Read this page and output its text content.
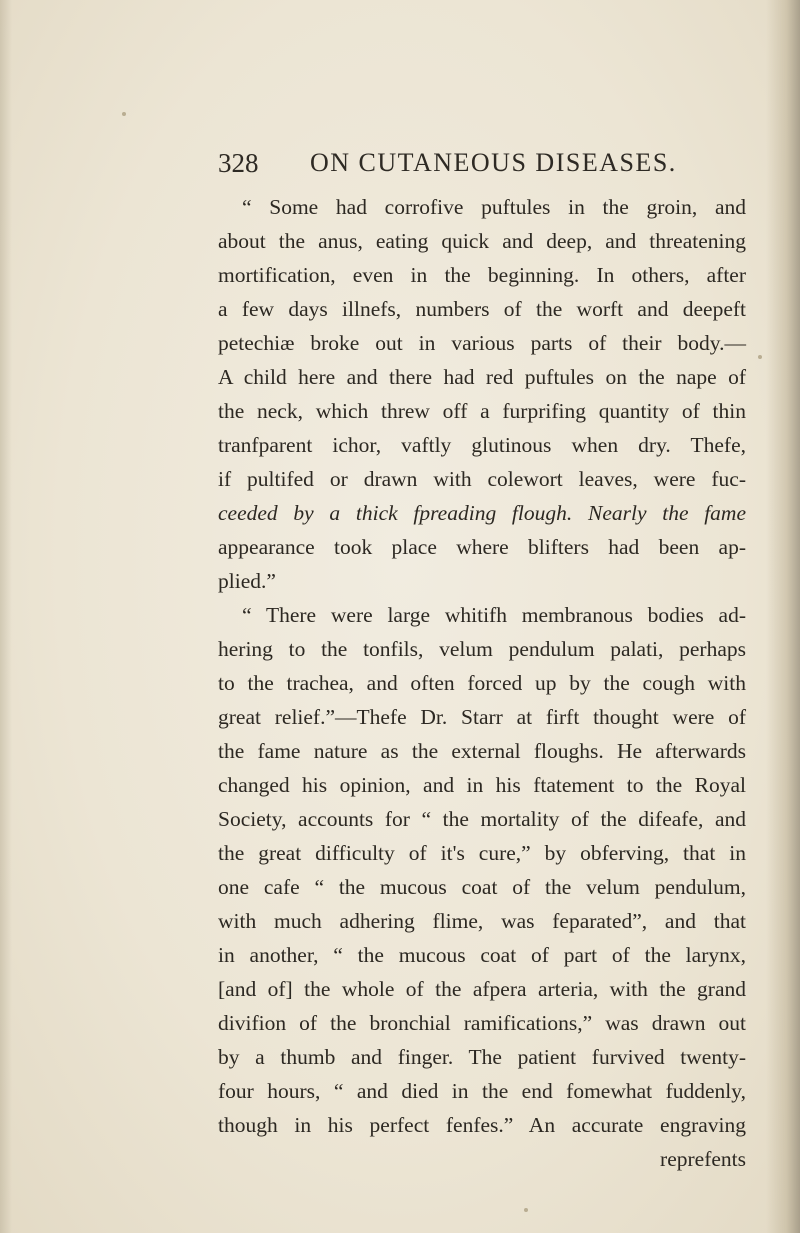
328 ON CUTANEOUS DISEASES.
“ Some had corrofive puftules in the groin, and
about the anus, eating quick and deep, and threatening
mortification, even in the beginning. In others, after
a few days illnefs, numbers of the worft and deepeft
petechiæ broke out in various parts of their body.—
A child here and there had red puftules on the nape of
the neck, which threw off a furprifing quantity of thin
tranfparent ichor, vaftly glutinous when dry. Thefe,
if pultifed or drawn with colewort leaves, were fuc-
ceeded by a thick fpreading flough. Nearly the fame
appearance took place where blifters had been ap-
plied.”
“ There were large whitifh membranous bodies ad-
hering to the tonfils, velum pendulum palati, perhaps
to the trachea, and often forced up by the cough with
great relief.”—Thefe Dr. Starr at firft thought were of
the fame nature as the external floughs. He afterwards
changed his opinion, and in his ftatement to the Royal
Society, accounts for “ the mortality of the difeafe, and
the great difficulty of it's cure,” by obferving, that in
one cafe “ the mucous coat of the velum pendulum,
with much adhering flime, was feparated”, and that
in another, “ the mucous coat of part of the larynx,
[and of] the whole of the afpera arteria, with the grand
divifion of the bronchial ramifications,” was drawn out
by a thumb and finger. The patient furvived twenty-
four hours, “ and died in the end fomewhat fuddenly,
though in his perfect fenfes.” An accurate engraving
reprefents
